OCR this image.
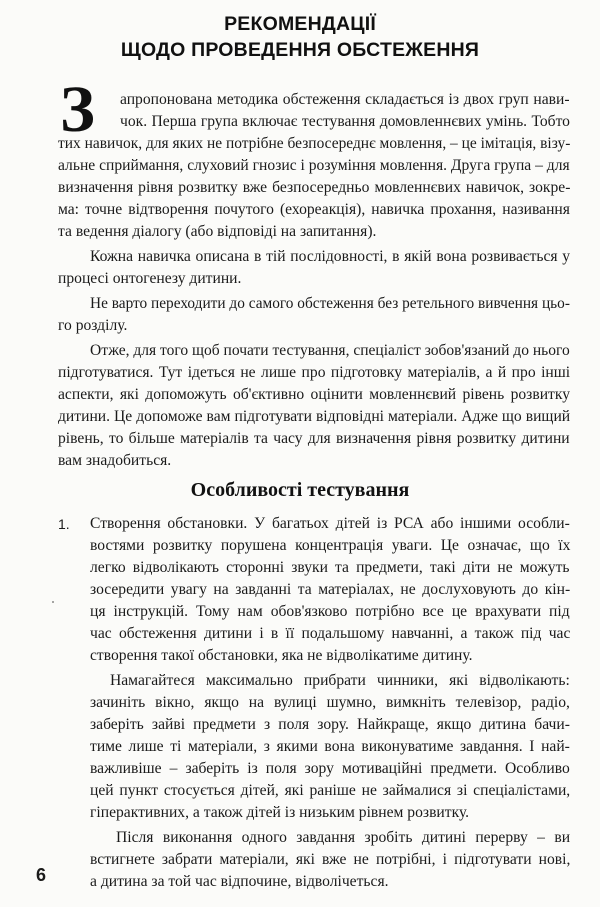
РЕКОМЕНДАЦІЇ
ЩОДО ПРОВЕДЕННЯ ОБСТЕЖЕННЯ
З апропонована методика обстеження складається із двох груп нави-
чок. Перша група включає тестування домовленнєвих умінь. Тобто
тих навичок, для яких не потрібне безпосереднє мовлення, – це імітація, візу-
альне сприймання, слуховий гнозис і розуміння мовлення. Друга група – для
визначення рівня розвитку вже безпосередньо мовленнєвих навичок, зокре-
ма: точне відтворення почутого (ехореакція), навичка прохання, називання
та ведення діалогу (або відповіді на запитання).
Кожна навичка описана в тій послідовності, в якій вона розвивається у
процесі онтогенезу дитини.
Не варто переходити до самого обстеження без ретельного вивчення цьо-
го розділу.
Отже, для того щоб почати тестування, спеціаліст зобов'язаний до нього
підготуватися. Тут ідеться не лише про підготовку матеріалів, а й про інші
аспекти, які допоможуть об'єктивно оцінити мовленнєвий рівень розвитку
дитини. Це допоможе вам підготувати відповідні матеріали. Адже що вищий
рівень, то більше матеріалів та часу для визначення рівня розвитку дитини
вам знадобиться.
Особливості тестування
1. Створення обстановки. У багатьох дітей із РСА або іншими особли-
востями розвитку порушена концентрація уваги. Це означає, що їх
легко відволікають сторонні звуки та предмети, такі діти не можуть
зосередити увагу на завданні та матеріалах, не дослуховують до кін-
ця інструкцій. Тому нам обов'язково потрібно все це врахувати під
час обстеження дитини і в її подальшому навчанні, а також під час
створення такої обстановки, яка не відволікатиме дитину.
Намагайтеся максимально прибрати чинники, які відволікають:
зачиніть вікно, якщо на вулиці шумно, вимкніть телевізор, радіо,
заберіть зайві предмети з поля зору. Найкраще, якщо дитина бачи-
тиме лише ті матеріали, з якими вона виконуватиме завдання. І най-
важливіше – заберіть із поля зору мотиваційні предмети. Особливо
цей пункт стосується дітей, які раніше не займалися зі спеціалістами,
гіперактивних, а також дітей із низьким рівнем розвитку.
Після виконання одного завдання зробіть дитині перерву – ви
встигнете забрати матеріали, які вже не потрібні, і підготувати нові,
а дитина за той час відпочине, відволічеться.
6
